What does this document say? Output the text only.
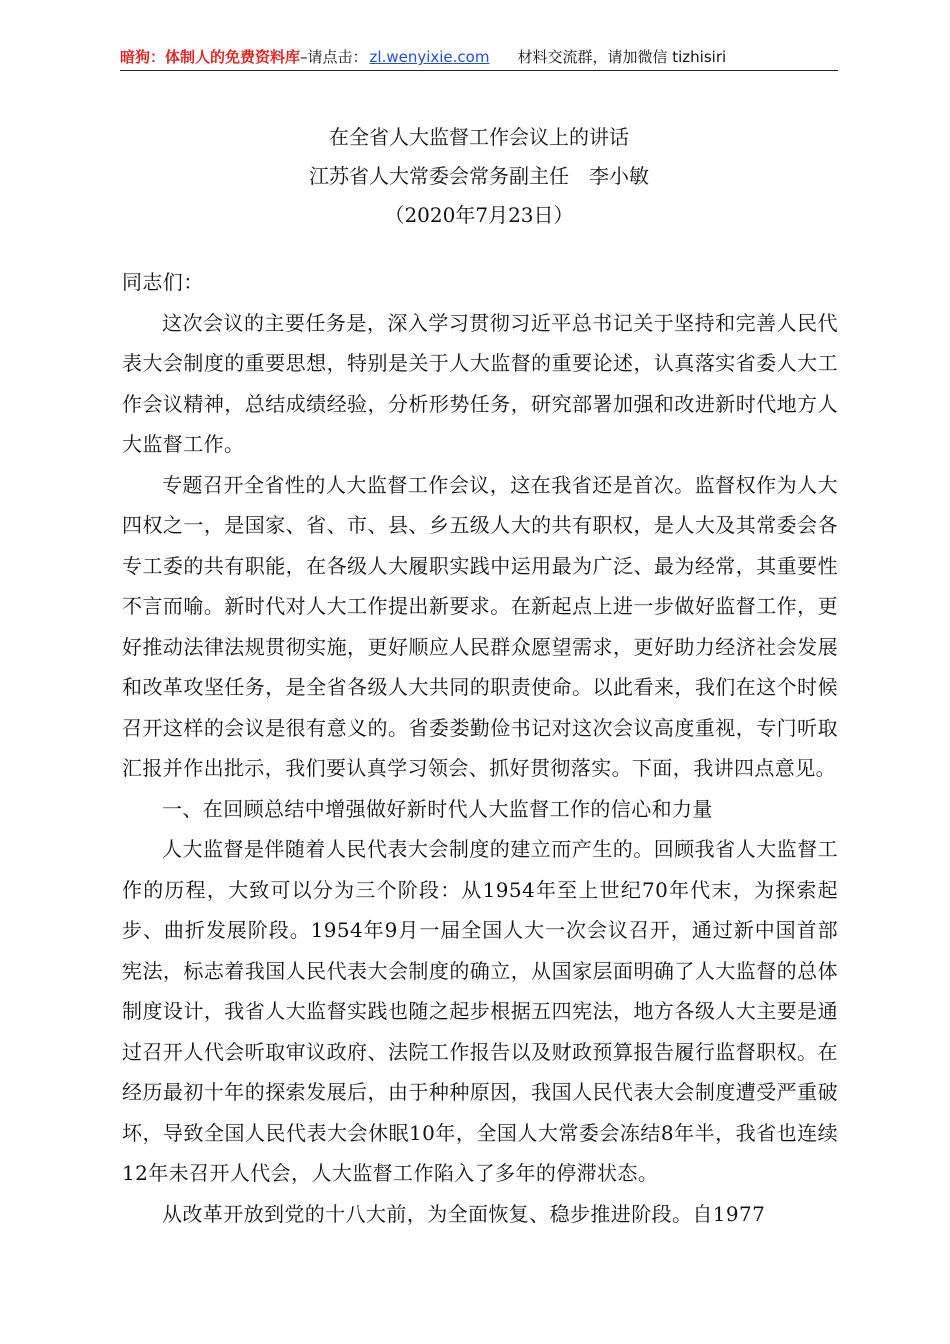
暗狗：体制人的免费资料库–请点击： zl.wenyixie.com 材料交流群，请加微信 tizhisiri
在全省人大监督工作会议上的讲话
江苏省人大常委会常务副主任　李小敏
（2020年7月23日）

同志们：

这次会议的主要任务是，深入学习贯彻习近平总书记关于坚持和完善人民代表大会制度的重要思想，特别是关于人大监督的重要论述，认真落实省委人大工作会议精神，总结成绩经验，分析形势任务，研究部署加强和改进新时代地方人大监督工作。

专题召开全省性的人大监督工作会议，这在我省还是首次。监督权作为人大四权之一，是国家、省、市、县、乡五级人大的共有职权，是人大及其常委会各专工委的共有职能，在各级人大履职实践中运用最为广泛、最为经常，其重要性不言而喻。新时代对人大工作提出新要求。在新起点上进一步做好监督工作，更好推动法律法规贯彻实施，更好顺应人民群众愿望需求，更好助力经济社会发展和改革攻坚任务，是全省各级人大共同的职责使命。以此看来，我们在这个时候召开这样的会议是很有意义的。省委娄勤俭书记对这次会议高度重视，专门听取汇报并作出批示，我们要认真学习领会、抓好贯彻落实。下面，我讲四点意见。

一、在回顾总结中增强做好新时代人大监督工作的信心和力量

人大监督是伴随着人民代表大会制度的建立而产生的。回顾我省人大监督工作的历程，大致可以分为三个阶段：从1954年至上世纪70年代末，为探索起步、曲折发展阶段。1954年9月一届全国人大一次会议召开，通过新中国首部宪法，标志着我国人民代表大会制度的确立，从国家层面明确了人大监督的总体制度设计，我省人大监督实践也随之起步根据五四宪法，地方各级人大主要是通过召开人代会听取审议政府、法院工作报告以及财政预算报告履行监督职权。在经历最初十年的探索发展后，由于种种原因，我国人民代表大会制度遭受严重破坏，导致全国人民代表大会休眠10年，全国人大常委会冻结8年半，我省也连续12年未召开人代会，人大监督工作陷入了多年的停滞状态。

从改革开放到党的十八大前，为全面恢复、稳步推进阶段。自1977
